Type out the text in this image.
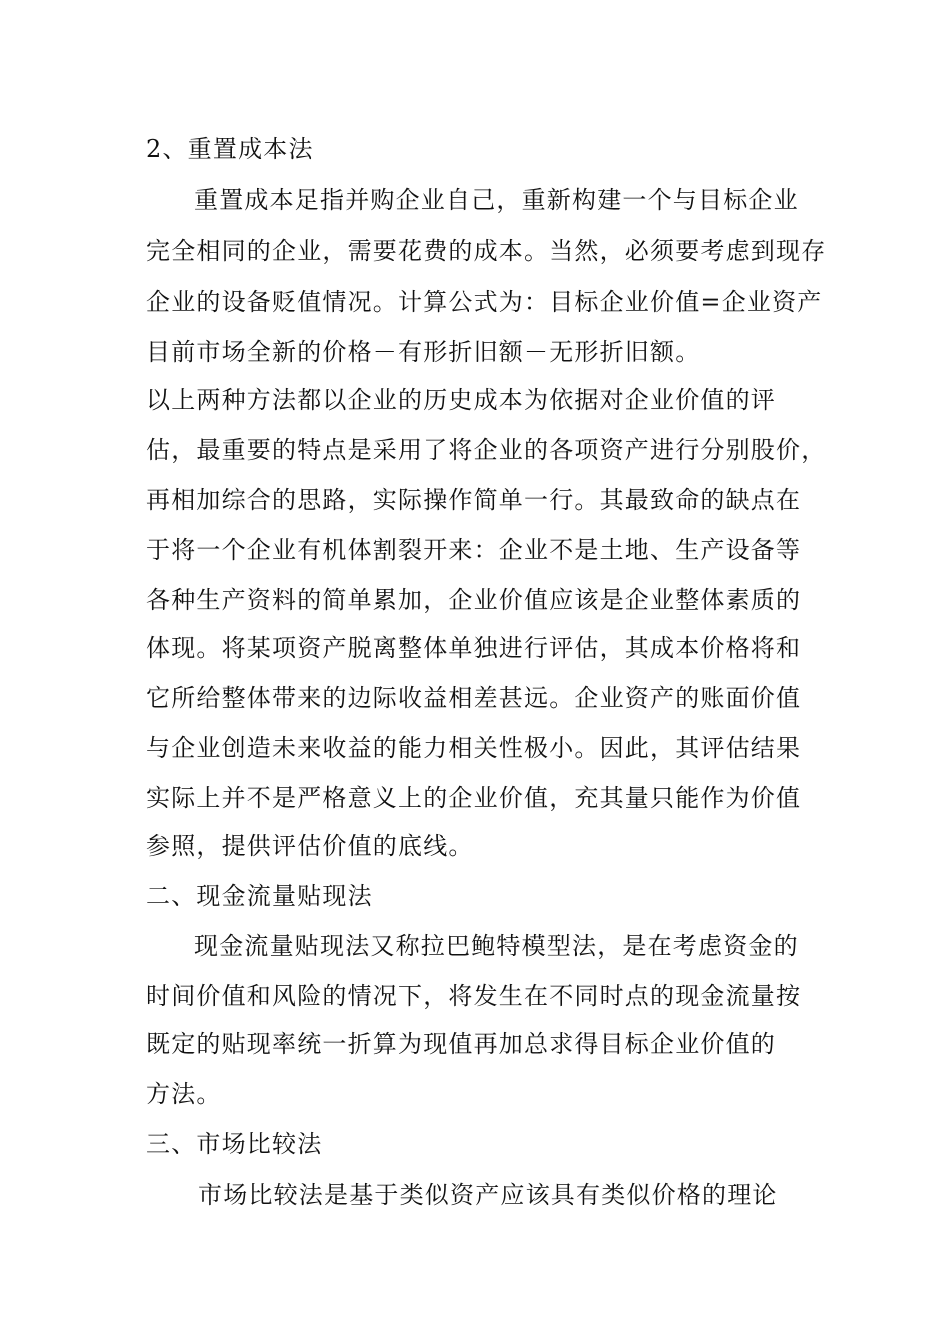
2、重置成本法
重置成本足指并购企业自己，重新构建一个与目标企业
完全相同的企业，需要花费的成本。当然，必须要考虑到现存
企业的设备贬值情况。计算公式为：目标企业价值=企业资产
目前市场全新的价格－有形折旧额－无形折旧额。
以上两种方法都以企业的历史成本为依据对企业价值的评
估，最重要的特点是采用了将企业的各项资产进行分别股价，
再相加综合的思路，实际操作简单一行。其最致命的缺点在
于将一个企业有机体割裂开来：企业不是土地、生产设备等
各种生产资料的简单累加，企业价值应该是企业整体素质的
体现。将某项资产脱离整体单独进行评估，其成本价格将和
它所给整体带来的边际收益相差甚远。企业资产的账面价值
与企业创造未来收益的能力相关性极小。因此，其评估结果
实际上并不是严格意义上的企业价值，充其量只能作为价值
参照，提供评估价值的底线。
二、现金流量贴现法
现金流量贴现法又称拉巴鲍特模型法，是在考虑资金的
时间价值和风险的情况下，将发生在不同时点的现金流量按
既定的贴现率统一折算为现值再加总求得目标企业价值的
方法。
三、市场比较法
市场比较法是基于类似资产应该具有类似价格的理论
